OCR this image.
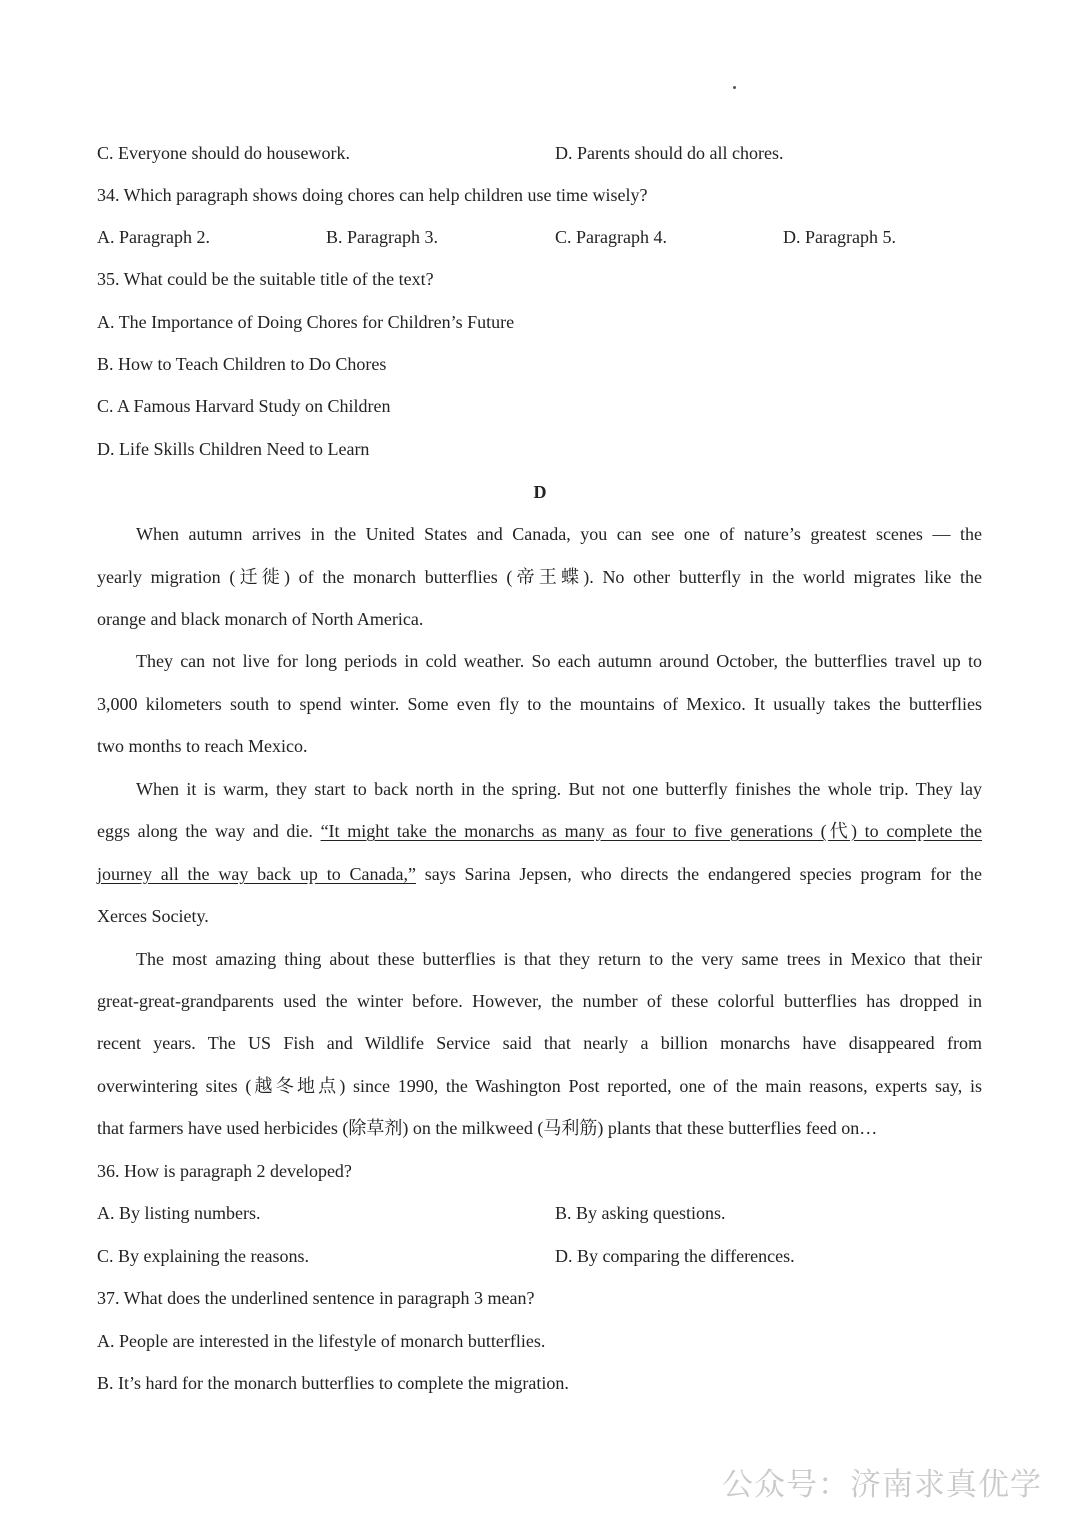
C. Everyone should do housework.	D. Parents should do all chores.
34. Which paragraph shows doing chores can help children use time wisely?
A. Paragraph 2.	B. Paragraph 3.	C. Paragraph 4.	D. Paragraph 5.
35. What could be the suitable title of the text?
A. The Importance of Doing Chores for Children’s Future
B. How to Teach Children to Do Chores
C. A Famous Harvard Study on Children
D. Life Skills Children Need to Learn
D
When autumn arrives in the United States and Canada, you can see one of nature’s greatest scenes — the
yearly migration (迁徙) of the monarch butterflies (帝王蝶). No other butterfly in the world migrates like the
orange and black monarch of North America.
They can not live for long periods in cold weather. So each autumn around October, the butterflies travel up to
3,000 kilometers south to spend winter. Some even fly to the mountains of Mexico. It usually takes the butterflies
two months to reach Mexico.
When it is warm, they start to back north in the spring. But not one butterfly finishes the whole trip. They lay
eggs along the way and die. “It might take the monarchs as many as four to five generations (代) to complete the
journey all the way back up to Canada,” says Sarina Jepsen, who directs the endangered species program for the
Xerces Society.
The most amazing thing about these butterflies is that they return to the very same trees in Mexico that their
great-great-grandparents used the winter before. However, the number of these colorful butterflies has dropped in
recent years. The US Fish and Wildlife Service said that nearly a billion monarchs have disappeared from
overwintering sites (越冬地点) since 1990, the Washington Post reported, one of the main reasons, experts say, is
that farmers have used herbicides (除草剂) on the milkweed (马利筋) plants that these butterflies feed on…
36. How is paragraph 2 developed?
A. By listing numbers.	B. By asking questions.
C. By explaining the reasons.	D. By comparing the differences.
37. What does the underlined sentence in paragraph 3 mean?
A. People are interested in the lifestyle of monarch butterflies.
B. It’s hard for the monarch butterflies to complete the migration.
公众号：济南求真优学
